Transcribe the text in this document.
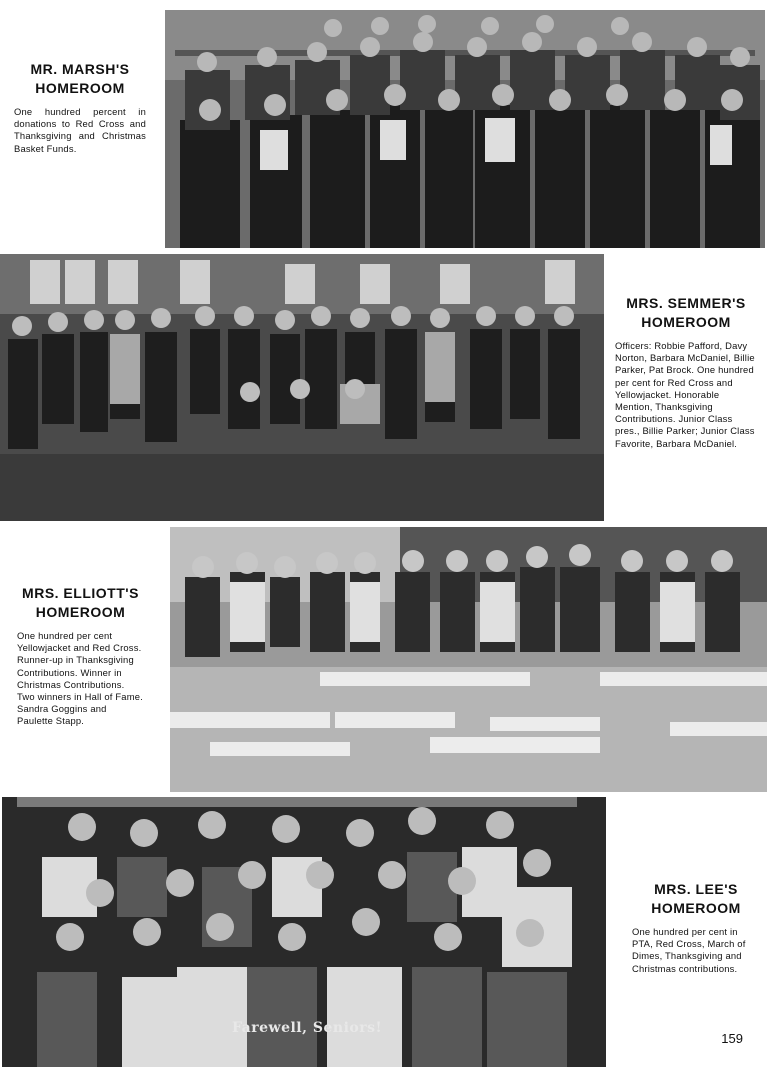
MR. MARSH'S
HOMEROOM

One hundred percent in donations to Red Cross and Thanksgiving and Christmas Basket Funds.

MRS. SEMMER'S
HOMEROOM

Officers: Robbie Pafford, Davy Norton, Barbara McDaniel, Billie Parker, Pat Brock. One hundred per cent for Red Cross and Yellowjacket. Honorable Mention, Thanksgiving Contributions. Junior Class pres., Billie Parker; Junior Class Favorite, Barbara McDaniel.

MRS. ELLIOTT'S
HOMEROOM

One hundred per cent Yellowjacket and Red Cross. Runner-up in Thanksgiving Contributions. Winner in Christmas Contributions. Two winners in Hall of Fame. Sandra Goggins and Paulette Stapp.

Farewell, Seniors!
MRS. LEE'S
HOMEROOM

One hundred per cent in PTA, Red Cross, March of Dimes, Thanksgiving and Christmas contributions.

159
